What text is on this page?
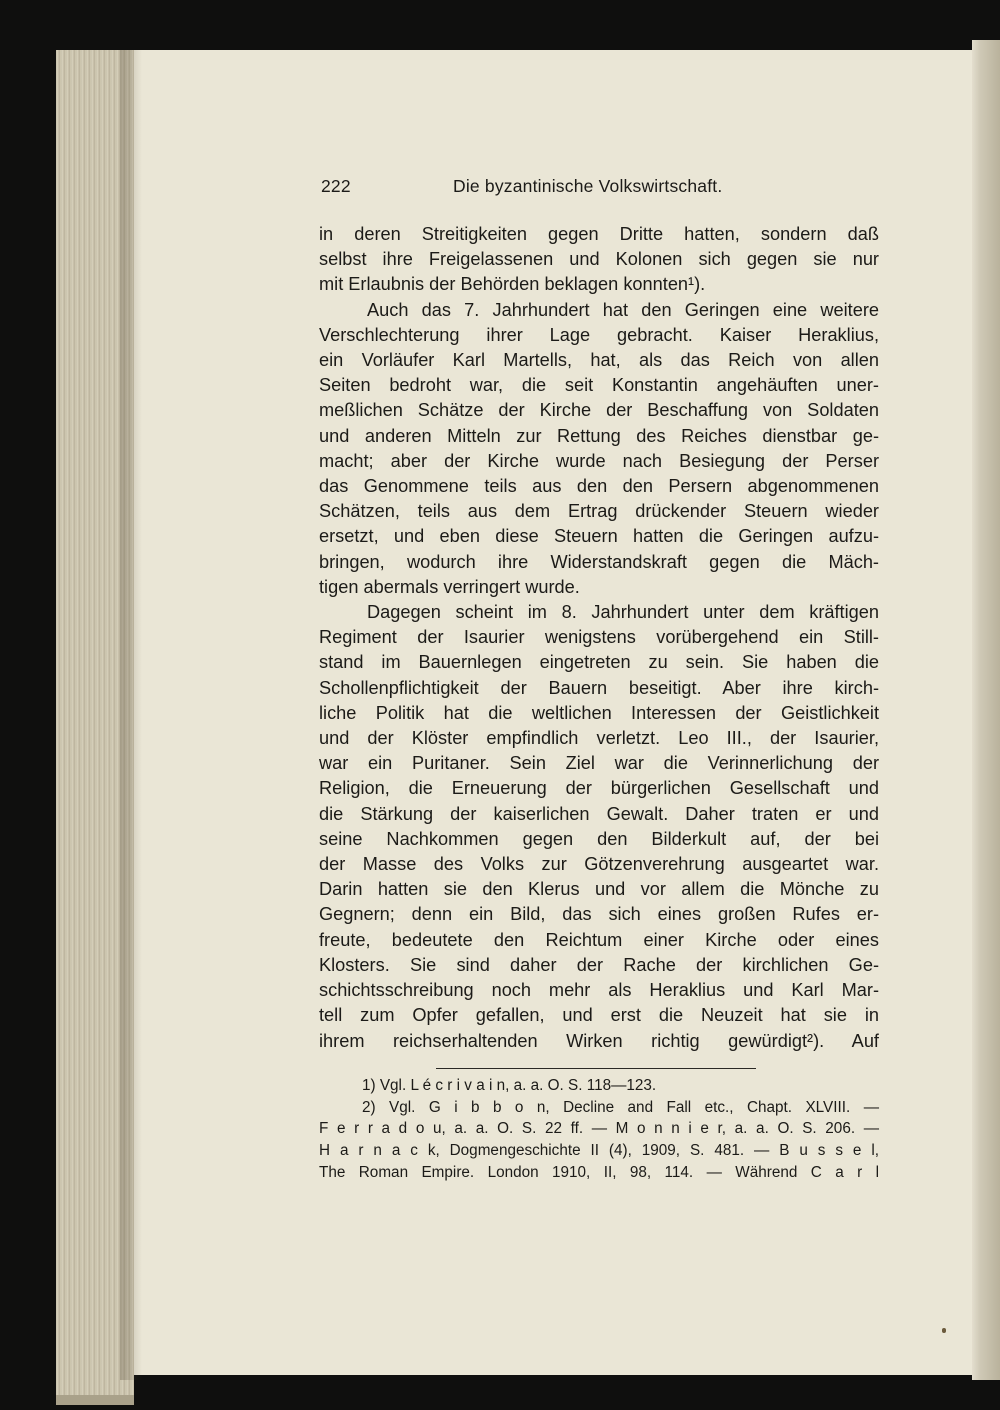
222	Die byzantinische Volkswirtschaft.
in deren Streitigkeiten gegen Dritte hatten, sondern daß
selbst ihre Freigelassenen und Kolonen sich gegen sie nur
mit Erlaubnis der Behörden beklagen konnten¹).
Auch das 7. Jahrhundert hat den Geringen eine weitere
Verschlechterung ihrer Lage gebracht. Kaiser Heraklius,
ein Vorläufer Karl Martells, hat, als das Reich von allen
Seiten bedroht war, die seit Konstantin angehäuften uner-
meßlichen Schätze der Kirche der Beschaffung von Soldaten
und anderen Mitteln zur Rettung des Reiches dienstbar ge-
macht; aber der Kirche wurde nach Besiegung der Perser
das Genommene teils aus den den Persern abgenommenen
Schätzen, teils aus dem Ertrag drückender Steuern wieder
ersetzt, und eben diese Steuern hatten die Geringen aufzu-
bringen, wodurch ihre Widerstandskraft gegen die Mäch-
tigen abermals verringert wurde.
Dagegen scheint im 8. Jahrhundert unter dem kräftigen
Regiment der Isaurier wenigstens vorübergehend ein Still-
stand im Bauernlegen eingetreten zu sein. Sie haben die
Schollenpflichtigkeit der Bauern beseitigt. Aber ihre kirch-
liche Politik hat die weltlichen Interessen der Geistlichkeit
und der Klöster empfindlich verletzt. Leo III., der Isaurier,
war ein Puritaner. Sein Ziel war die Verinnerlichung der
Religion, die Erneuerung der bürgerlichen Gesellschaft und
die Stärkung der kaiserlichen Gewalt. Daher traten er und
seine Nachkommen gegen den Bilderkult auf, der bei
der Masse des Volks zur Götzenverehrung ausgeartet war.
Darin hatten sie den Klerus und vor allem die Mönche zu
Gegnern; denn ein Bild, das sich eines großen Rufes er-
freute, bedeutete den Reichtum einer Kirche oder eines
Klosters. Sie sind daher der Rache der kirchlichen Ge-
schichtsschreibung noch mehr als Heraklius und Karl Mar-
tell zum Opfer gefallen, und erst die Neuzeit hat sie in
ihrem reichserhaltenden Wirken richtig gewürdigt²). Auf
1) Vgl. L é c r i v a i n, a. a. O. S. 118—123.
2) Vgl. G i b b o n, Decline and Fall etc., Chapt. XLVIII. —
F e r r a d o u, a. a. O. S. 22 ff. — M o n n i e r, a. a. O. S. 206. —
H a r n a c k, Dogmengeschichte II (4), 1909, S. 481. — B u s s e l,
The Roman Empire. London 1910, II, 98, 114. — Während C a r l
